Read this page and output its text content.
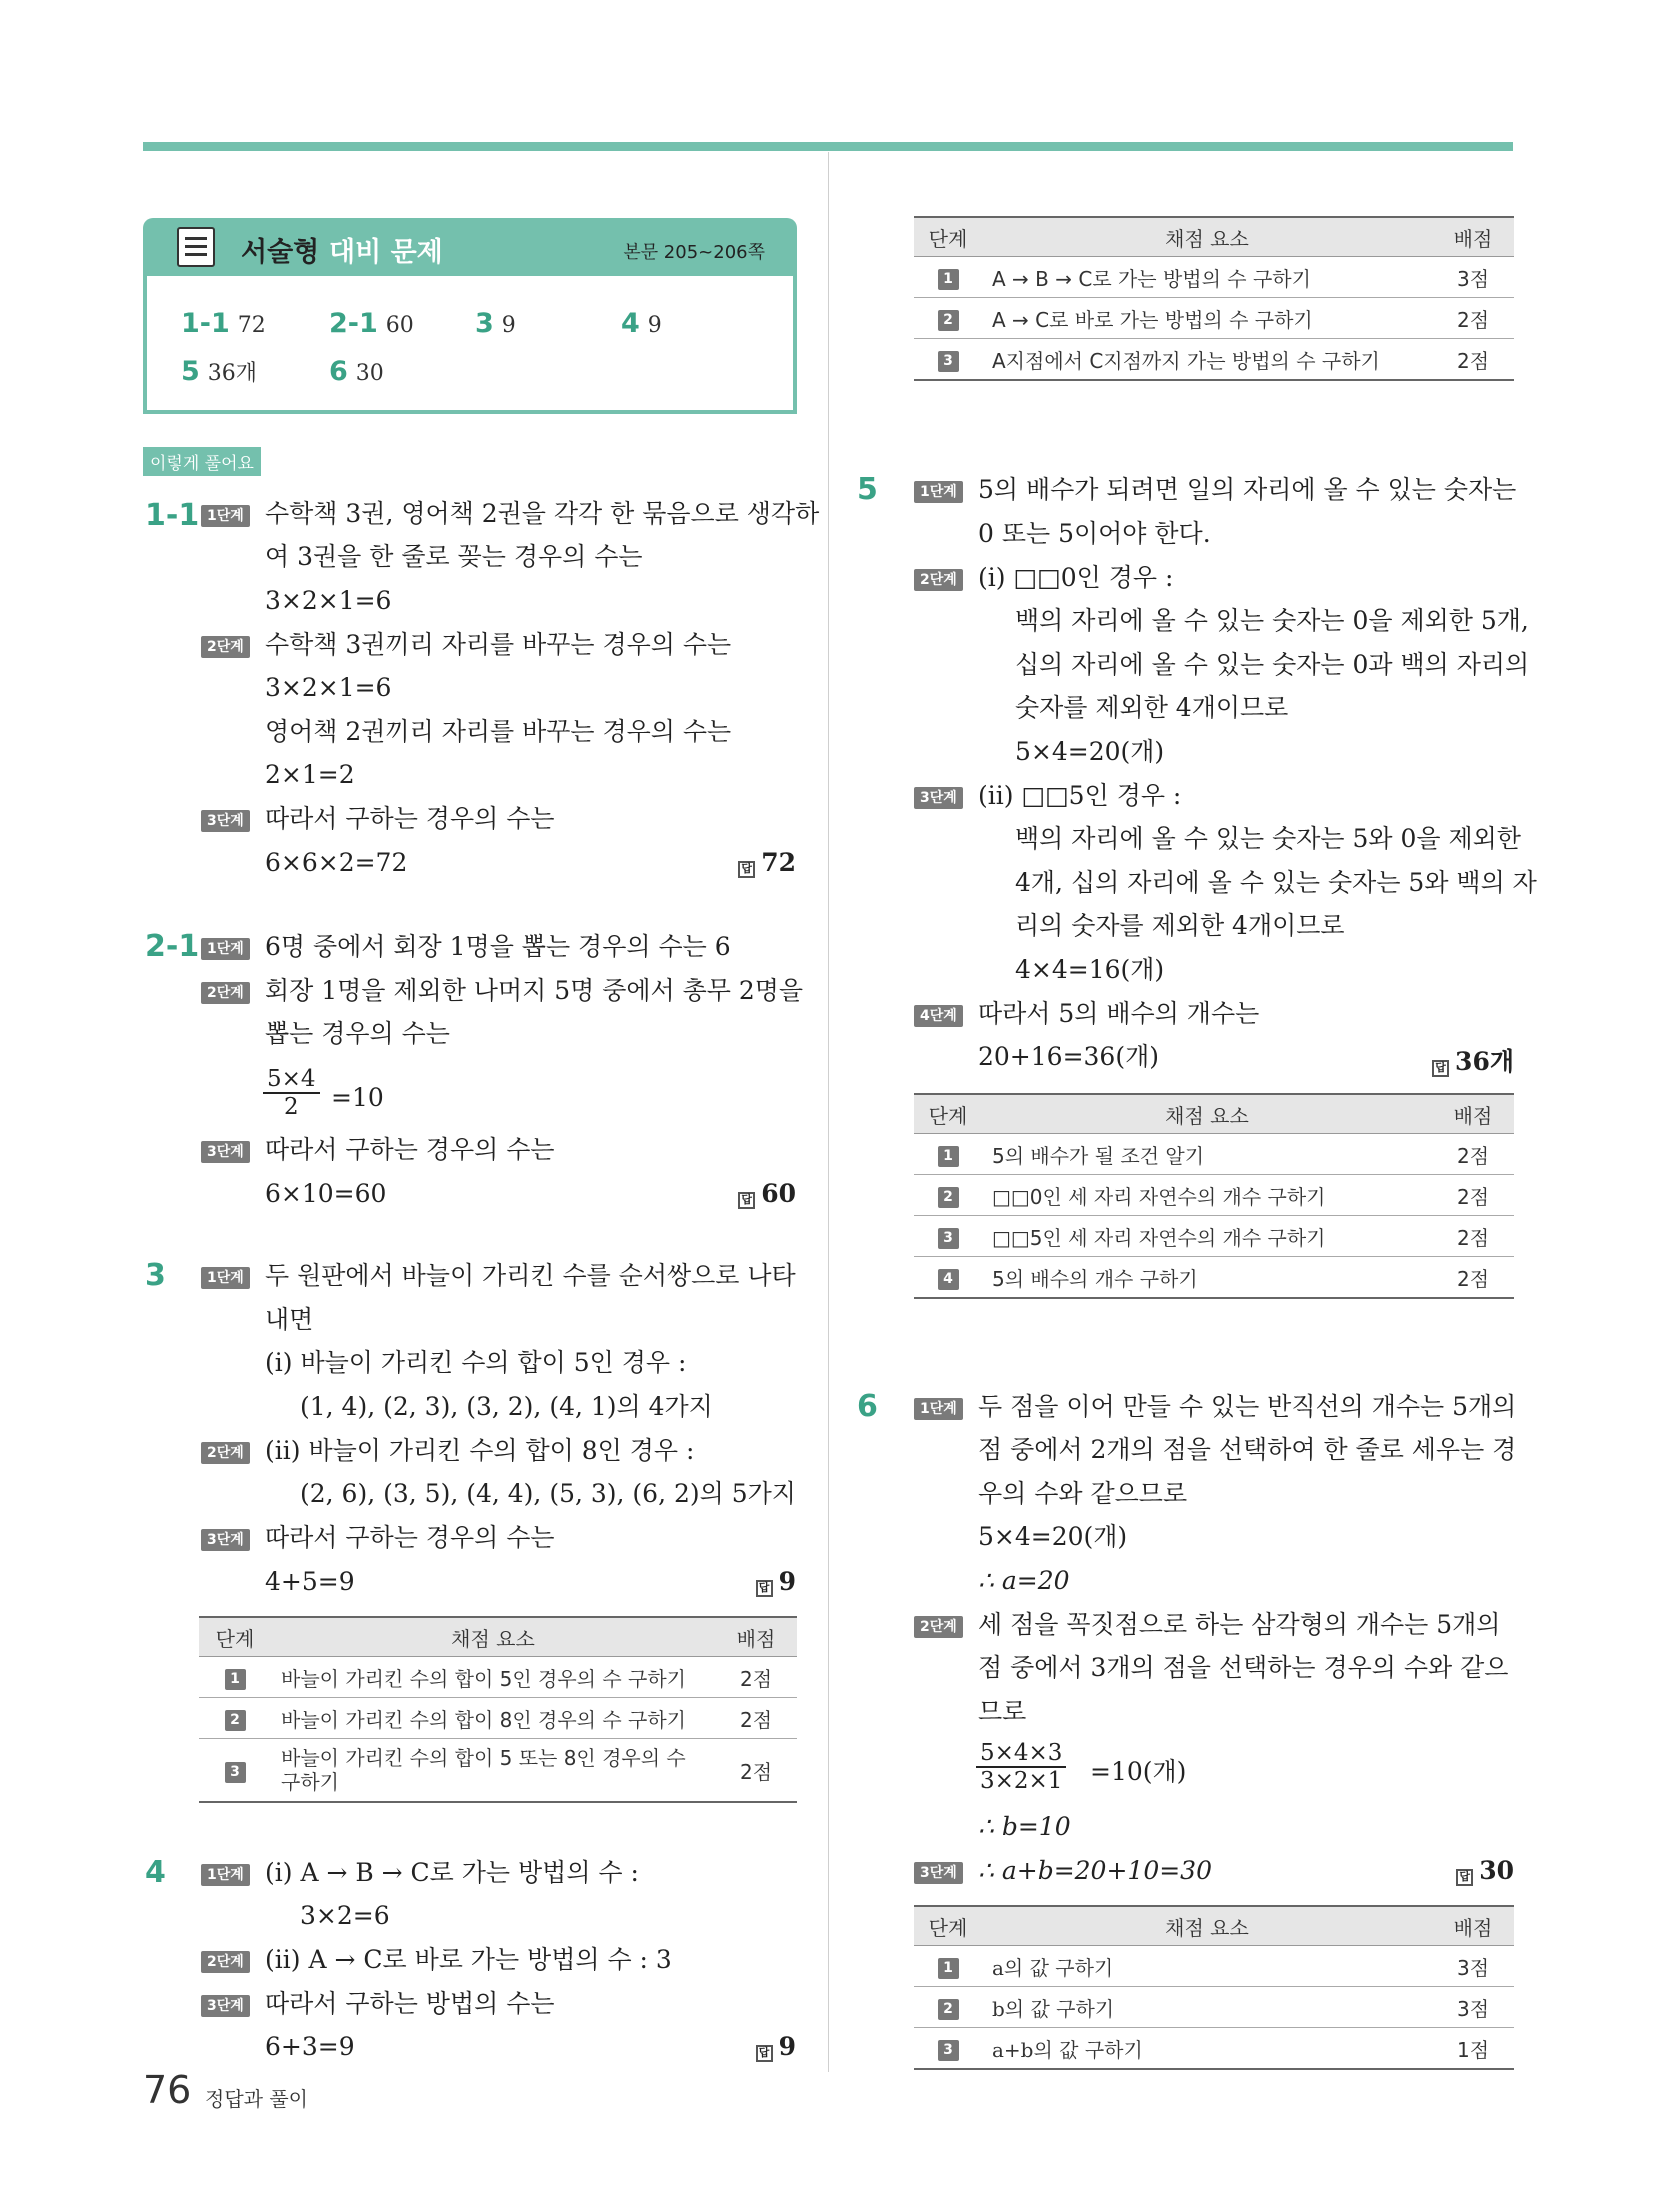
서술형 대비 문제	본문 205~206쪽
1-1 72 2-1 60 3 9	4 9
5 36개	6 30
이렇게 풀어요
1-1 1단계 수학책 3권, 영어책 2권을 각각 한 묶음으로 생각하
여 3권을 한 줄로 꽂는 경우의 수는
3×2×1=6
2단계 수학책 3권끼리 자리를 바꾸는 경우의 수는
3×2×1=6
영어책 2권끼리 자리를 바꾸는 경우의 수는
2×1=2
3단계 따라서 구하는 경우의 수는
6×6×2=72	답 72
2-1 1단계 6명 중에서 회장 1명을 뽑는 경우의 수는 6
2단계 회장 1명을 제외한 나머지 5명 중에서 총무 2명을
뽑는 경우의 수는
$\frac{5\times 4}{2} =10$
3단계 따라서 구하는 경우의 수는
6×10=60	답 60
3	1단계 두 원판에서 바늘이 가리킨 수를 순서쌍으로 나타
내면
(i) 바늘이 가리킨 수의 합이 5인 경우 :
(1, 4), (2, 3), (3, 2), (4, 1)의 4가지
2단계 (ii) 바늘이 가리킨 수의 합이 8인 경우 :
(2, 6), (3, 5), (4, 4), (5, 3), (6, 2)의 5가지
3단계 따라서 구하는 경우의 수는
4+5=9	답 9
단계	채점 요소	배점
1	바늘이 가리킨 수의 합이 5인 경우의 수 구하기	2점
2	바늘이 가리킨 수의 합이 8인 경우의 수 구하기	2점
3	바늘이 가리킨 수의 합이 5 또는 8인 경우의 수 구하기	2점
4	1단계 (i) A → B → C로 가는 방법의 수 :
3×2=6
2단계 (ii) A → C로 바로 가는 방법의 수 : 3
3단계 따라서 구하는 방법의 수는
6+3=9	답 9
단계	채점 요소	배점
1	A → B → C로 가는 방법의 수 구하기	3점
2	A → C로 바로 가는 방법의 수 구하기	2점
3	A지점에서 C지점까지 가는 방법의 수 구하기	2점
5	1단계 5의 배수가 되려면 일의 자리에 올 수 있는 숫자는
0 또는 5이어야 한다.
2단계 (i) □□0인 경우 :
백의 자리에 올 수 있는 숫자는 0을 제외한 5개,
십의 자리에 올 수 있는 숫자는 0과 백의 자리의
숫자를 제외한 4개이므로
5×4=20(개)
3단계 (ii) □□5인 경우 :
백의 자리에 올 수 있는 숫자는 5와 0을 제외한
4개, 십의 자리에 올 수 있는 숫자는 5와 백의 자
리의 숫자를 제외한 4개이므로
4×4=16(개)
4단계 따라서 5의 배수의 개수는
20+16=36(개)	답 36개
단계	채점 요소	배점
1	5의 배수가 될 조건 알기	2점
2	□□0인 세 자리 자연수의 개수 구하기	2점
3	□□5인 세 자리 자연수의 개수 구하기	2점
4	5의 배수의 개수 구하기	2점
6	1단계 두 점을 이어 만들 수 있는 반직선의 개수는 5개의
점 중에서 2개의 점을 선택하여 한 줄로 세우는 경
우의 수와 같으므로
5×4=20(개)
∴ a=20
2단계 세 점을 꼭짓점으로 하는 삼각형의 개수는 5개의
점 중에서 3개의 점을 선택하는 경우의 수와 같으
므로
$\frac{5\times 4\times 3}{3\times 2\times 1} =10$(개)
∴ b=10
3단계 ∴ a+b=20+10=30	답 30
단계	채점 요소	배점
1	a의 값 구하기	3점
2	b의 값 구하기	3점
3	a+b의 값 구하기	1점
76 정답과 풀이
